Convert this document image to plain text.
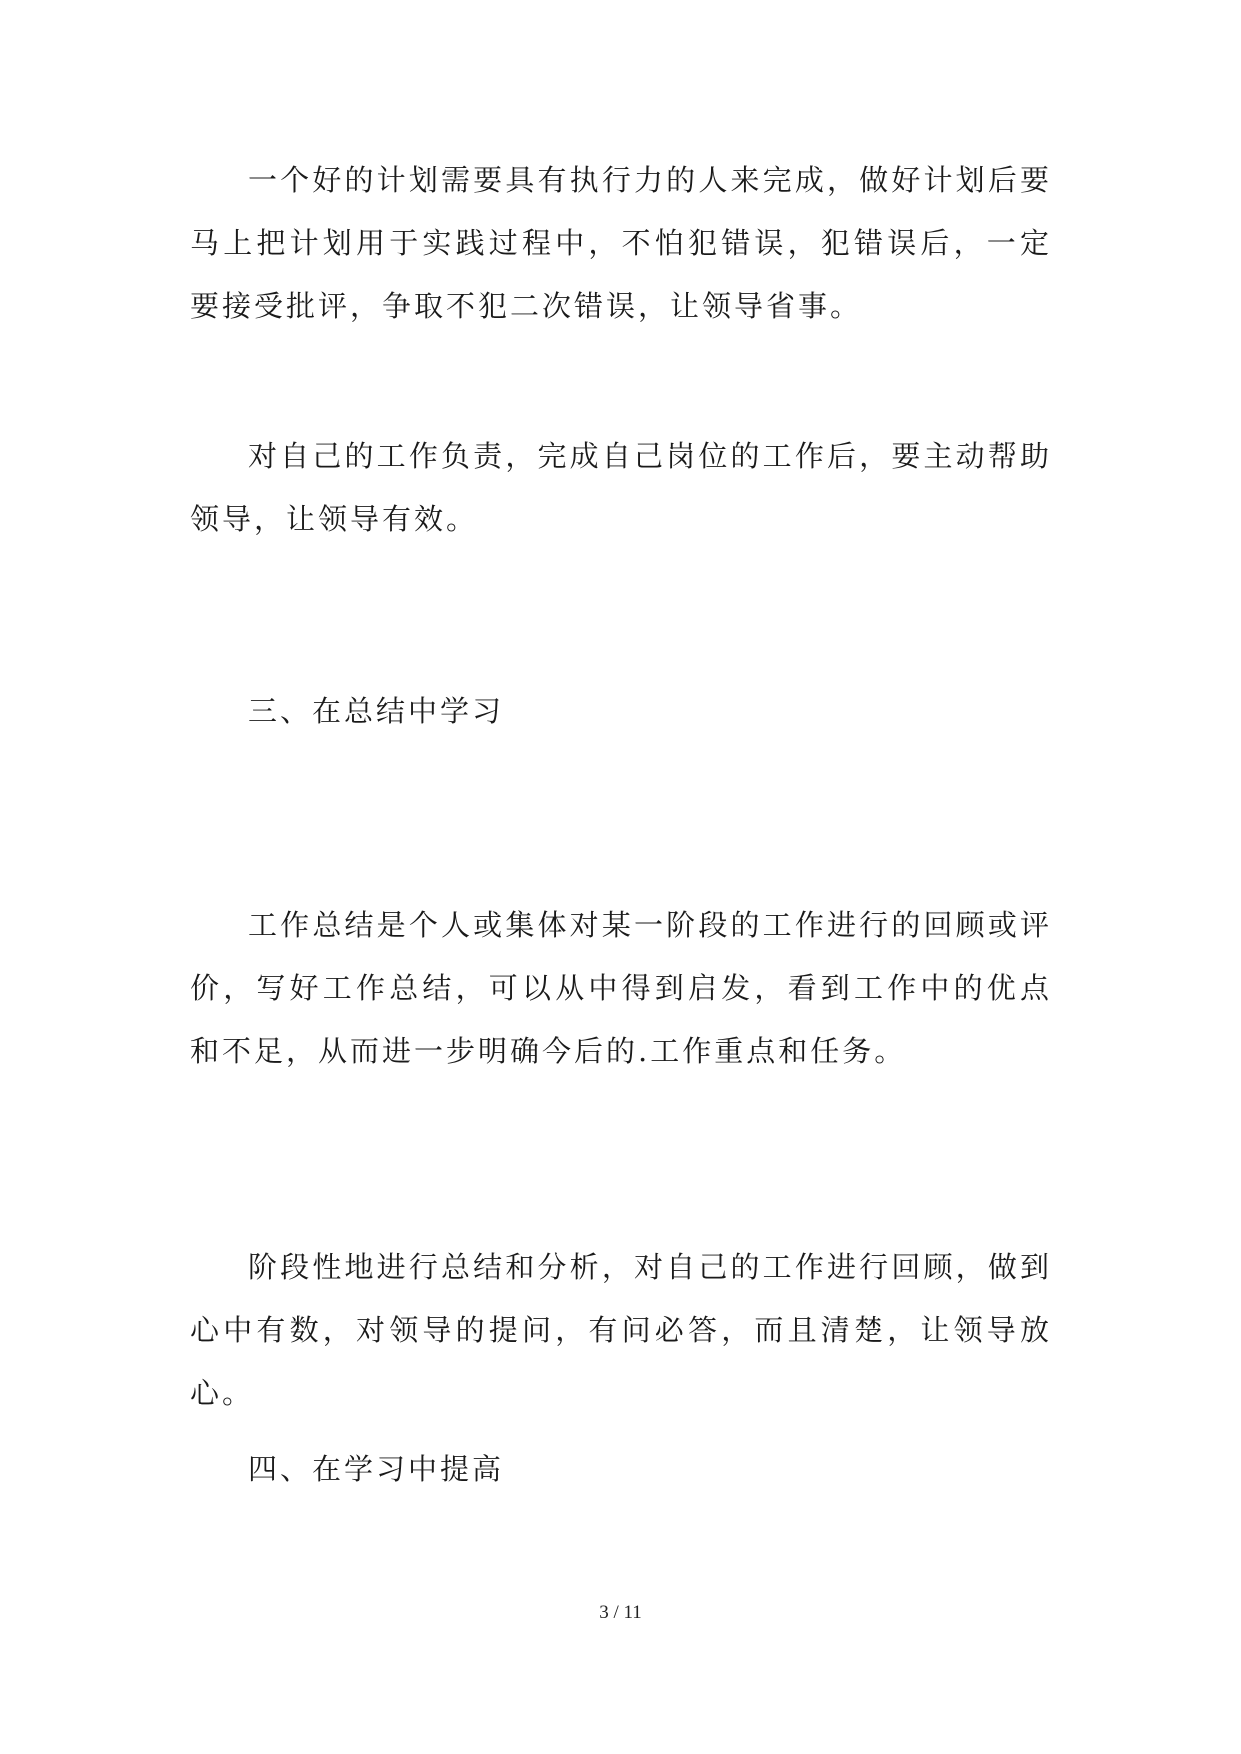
一个好的计划需要具有执行力的人来完成，做好计划后要马上把计划用于实践过程中，不怕犯错误，犯错误后，一定要接受批评，争取不犯二次错误，让领导省事。

对自己的工作负责，完成自己岗位的工作后，要主动帮助领导，让领导有效。

三、在总结中学习

工作总结是个人或集体对某一阶段的工作进行的回顾或评价，写好工作总结，可以从中得到启发，看到工作中的优点和不足，从而进一步明确今后的.工作重点和任务。

阶段性地进行总结和分析，对自己的工作进行回顾，做到心中有数，对领导的提问，有问必答，而且清楚，让领导放心。

四、在学习中提高
3 / 11
